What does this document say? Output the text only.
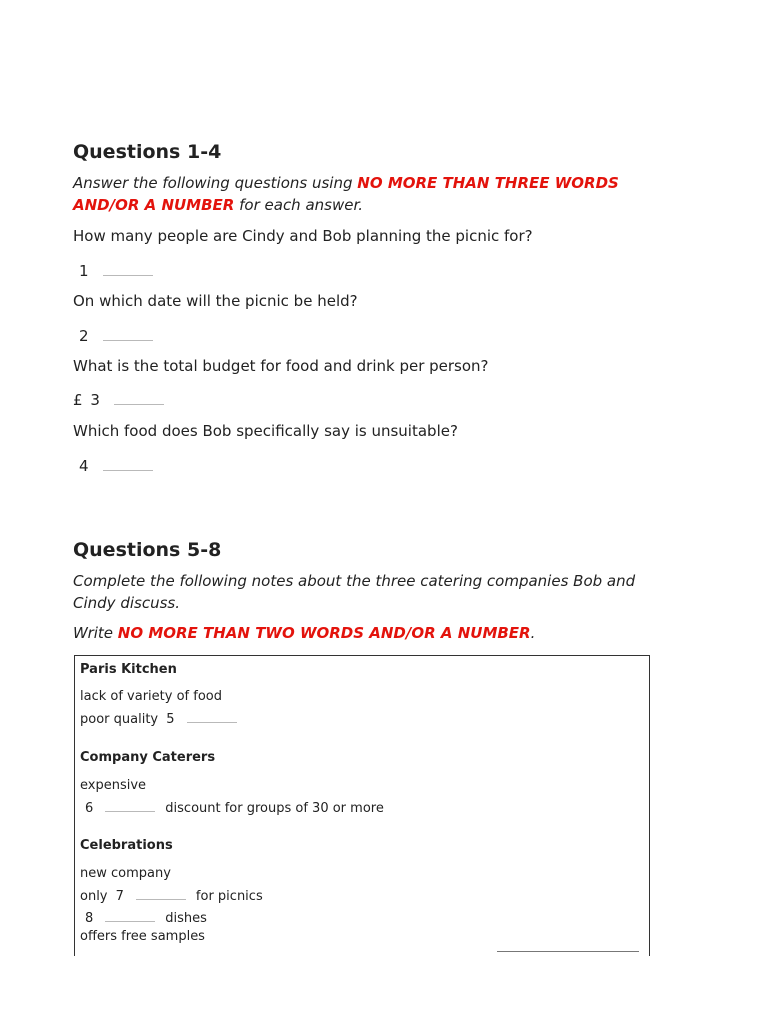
Questions 1-4
Answer the following questions using NO MORE THAN THREE WORDS AND/OR A NUMBER for each answer.
How many people are Cindy and Bob planning the picnic for?
1
On which date will the picnic be held?
2
What is the total budget for food and drink per person?
£ 3
Which food does Bob specifically say is unsuitable?
4
Questions 5-8
Complete the following notes about the three catering companies Bob and Cindy discuss.
Write NO MORE THAN TWO WORDS AND/OR A NUMBER.
Paris Kitchen
lack of variety of food
poor quality 5
Company Caterers
expensive
6	discount for groups of 30 or more
Celebrations
new company
only 7	for picnics
8	dishes
offers free samples
